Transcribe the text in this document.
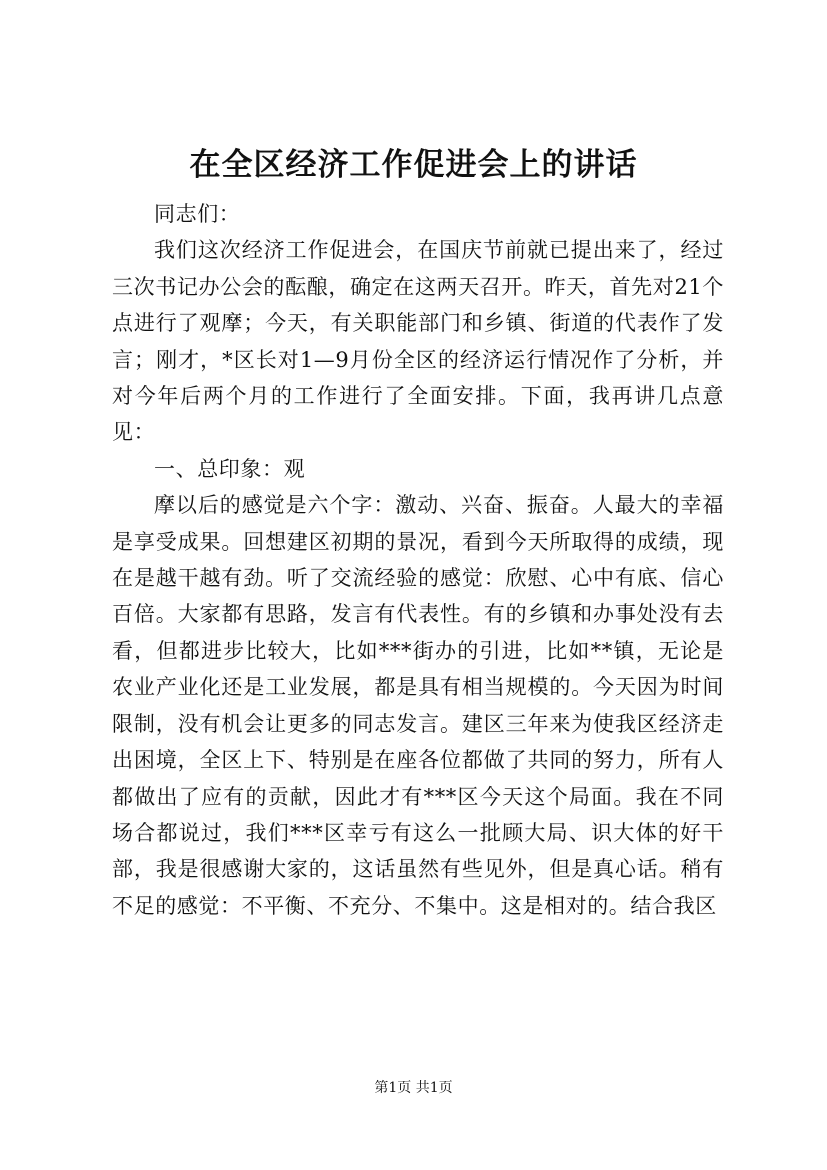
在全区经济工作促进会上的讲话

同志们：

我们这次经济工作促进会，在国庆节前就已提出来了，经过三次书记办公会的酝酿，确定在这两天召开。昨天，首先对21个点进行了观摩；今天，有关职能部门和乡镇、街道的代表作了发言；刚才，*区长对1—9月份全区的经济运行情况作了分析，并对今年后两个月的工作进行了全面安排。下面，我再讲几点意见：

一、总印象：观

摩以后的感觉是六个字：激动、兴奋、振奋。人最大的幸福是享受成果。回想建区初期的景况，看到今天所取得的成绩，现在是越干越有劲。听了交流经验的感觉：欣慰、心中有底、信心百倍。大家都有思路，发言有代表性。有的乡镇和办事处没有去看，但都进步比较大，比如***街办的引进，比如**镇，无论是农业产业化还是工业发展，都是具有相当规模的。今天因为时间限制，没有机会让更多的同志发言。建区三年来为使我区经济走出困境，全区上下、特别是在座各位都做了共同的努力，所有人都做出了应有的贡献，因此才有***区今天这个局面。我在不同场合都说过，我们***区幸亏有这么一批顾大局、识大体的好干部，我是很感谢大家的，这话虽然有些见外，但是真心话。稍有不足的感觉：不平衡、不充分、不集中。这是相对的。结合我区

第1页 共1页
